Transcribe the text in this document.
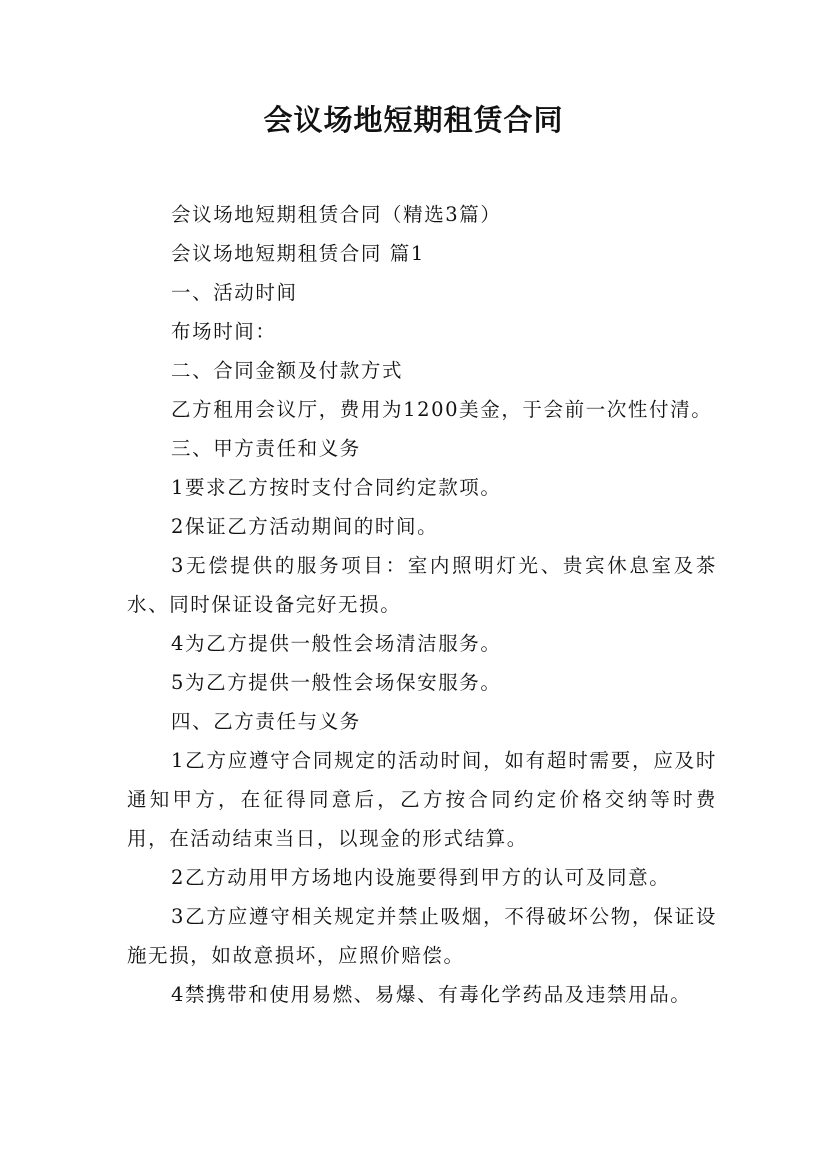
会议场地短期租赁合同

会议场地短期租赁合同（精选3篇）

会议场地短期租赁合同 篇1

一、活动时间

布场时间：

二、合同金额及付款方式

乙方租用会议厅，费用为1200美金，于会前一次性付清。

三、甲方责任和义务

1要求乙方按时支付合同约定款项。

2保证乙方活动期间的时间。

3无偿提供的服务项目：室内照明灯光、贵宾休息室及茶水、同时保证设备完好无损。

4为乙方提供一般性会场清洁服务。

5为乙方提供一般性会场保安服务。

四、乙方责任与义务

1乙方应遵守合同规定的活动时间，如有超时需要，应及时通知甲方，在征得同意后，乙方按合同约定价格交纳等时费用，在活动结束当日，以现金的形式结算。

2乙方动用甲方场地内设施要得到甲方的认可及同意。

3乙方应遵守相关规定并禁止吸烟，不得破坏公物，保证设施无损，如故意损坏，应照价赔偿。

4禁携带和使用易燃、易爆、有毒化学药品及违禁用品。
